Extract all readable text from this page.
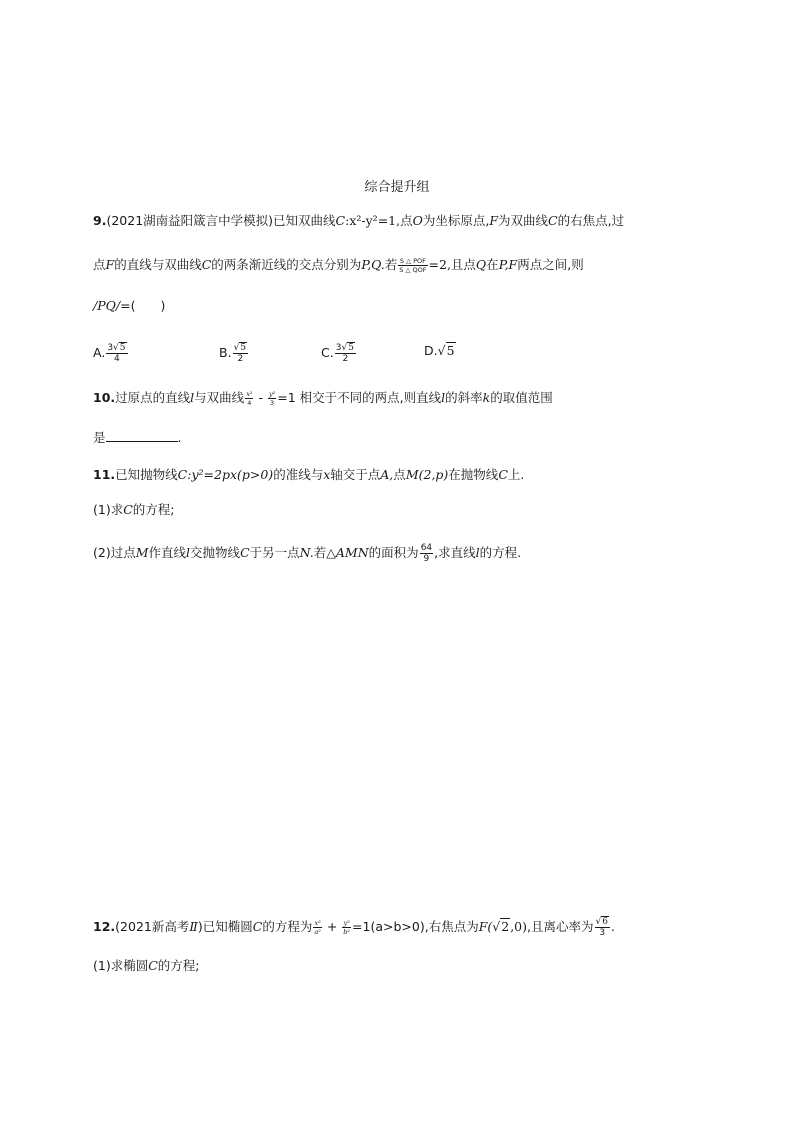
综合提升组
9.(2021湖南益阳箴言中学模拟)已知双曲线C:x²-y²=1,点O为坐标原点,F为双曲线C的右焦点,过
点F的直线与双曲线C的两条渐近线的交点分别为P,Q.若 $\frac{\text{S △ POF}}{\text{S △ QOF}} =2$,且点Q在P,F两点之间,则
/PQ/=(　　)
A. $\frac{3√5}{4}$	B. $\frac{√5}{2}$	C. $\frac{3√5}{2}$	D.√5
10.过原点的直线l与双曲线 $\frac{\text{x²}}{4} - \frac{\text{y²}}{3} =1$ 相交于不同的两点,则直线l的斜率k的取值范围
是	.
11.已知抛物线C:y²=2px(p>0)的准线与x轴交于点A,点M(2,p)在抛物线C上.
(1)求C的方程;
(2)过点M作直线l交抛物线C于另一点N.若△AMN的面积为 $\frac{64}{9}$ ,求直线l的方程.
12.(2021新高考Ⅱ)已知椭圆C的方程为 $\frac{\text{x²}}{\text{a²}} + \frac{\text{y²}}{\text{b²}} =1(a>b>0)$,右焦点为F(√2,0),且离心率为 $\frac{√6}{3}$ .
(1)求椭圆C的方程;
